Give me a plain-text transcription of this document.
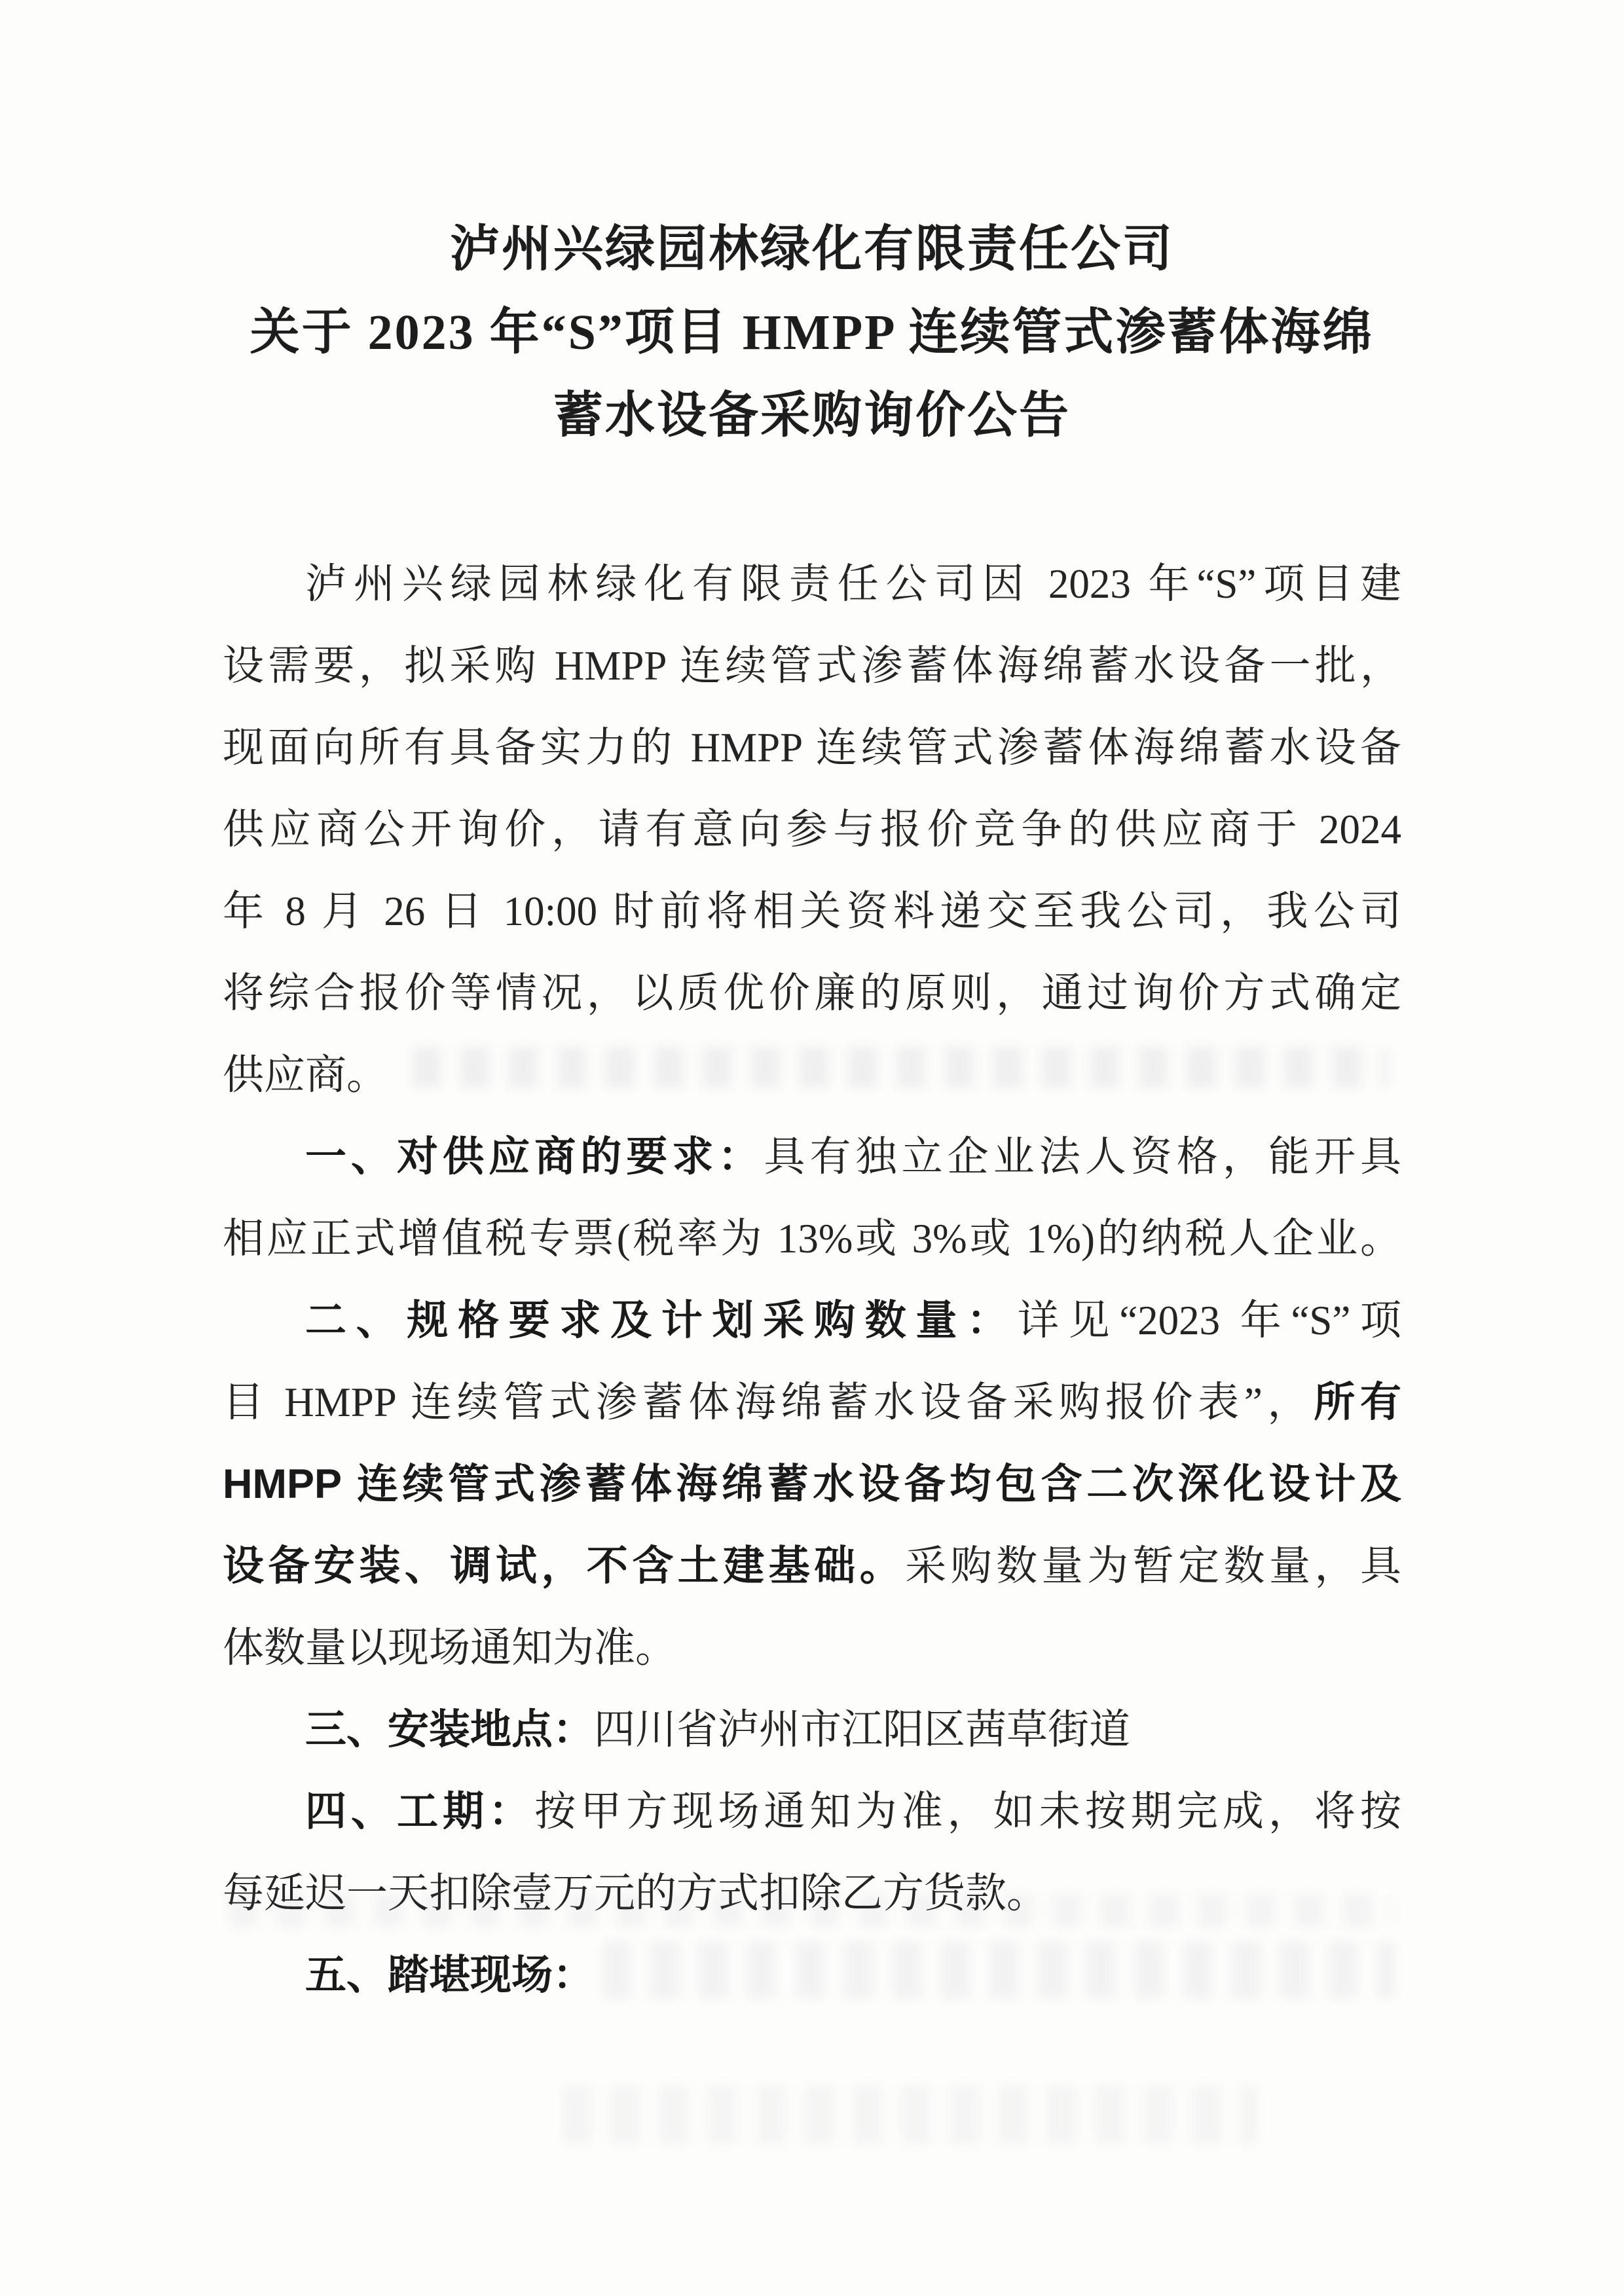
泸州兴绿园林绿化有限责任公司
关于 2023 年“S”项目 HMPP 连续管式渗蓄体海绵
蓄水设备采购询价公告
泸州兴绿园林绿化有限责任公司因 2023 年“S”项目建
设需要，拟采购 HMPP 连续管式渗蓄体海绵蓄水设备一批，
现面向所有具备实力的 HMPP 连续管式渗蓄体海绵蓄水设备
供应商公开询价，请有意向参与报价竞争的供应商于 2024
年 8 月 26 日 10:00 时前将相关资料递交至我公司，我公司
将综合报价等情况，以质优价廉的原则，通过询价方式确定
供应商。
一、对供应商的要求：具有独立企业法人资格，能开具
相应正式增值税专票(税率为 13%或 3%或 1%)的纳税人企业。
二、规格要求及计划采购数量：详见“2023 年“S”项
目 HMPP 连续管式渗蓄体海绵蓄水设备采购报价表”，所有
HMPP 连续管式渗蓄体海绵蓄水设备均包含二次深化设计及
设备安装、调试，不含土建基础。采购数量为暂定数量，具
体数量以现场通知为准。
三、安装地点：四川省泸州市江阳区茜草街道
四、工期：按甲方现场通知为准，如未按期完成，将按
每延迟一天扣除壹万元的方式扣除乙方货款。
五、踏堪现场：
